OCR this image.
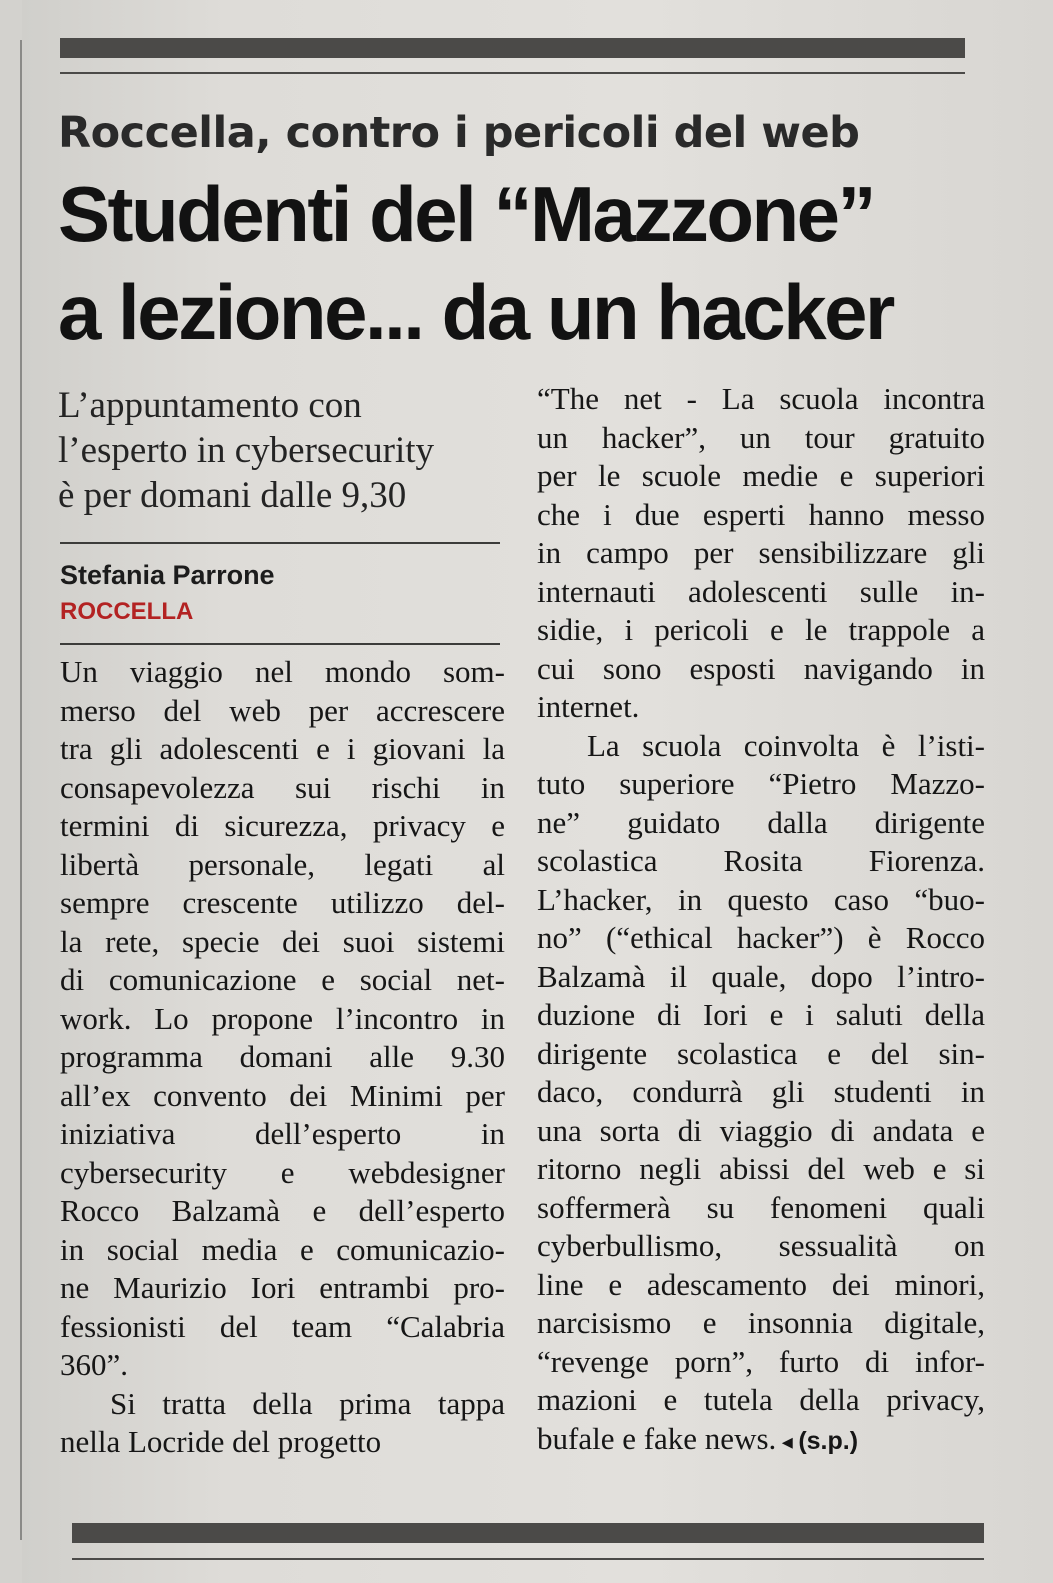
Roccella, contro i pericoli del web
Studenti del “Mazzone”
a lezione... da un hacker
L’appuntamento con
l’esperto in cybersecurity
è per domani dalle 9,30
Stefania Parrone
ROCCELLA
Un viaggio nel mondo som-
merso del web per accrescere
tra gli adolescenti e i giovani la
consapevolezza sui rischi in
termini di sicurezza, privacy e
libertà personale, legati al
sempre crescente utilizzo del-
la rete, specie dei suoi sistemi
di comunicazione e social net-
work. Lo propone l’incontro in
programma domani alle 9.30
all’ex convento dei Minimi per
iniziativa dell’esperto in
cybersecurity e webdesigner
Rocco Balzamà e dell’esperto
in social media e comunicazio-
ne Maurizio Iori entrambi pro-
fessionisti del team “Calabria
360”.
Si tratta della prima tappa
nella Locride del progetto
“The net - La scuola incontra
un hacker”, un tour gratuito
per le scuole medie e superiori
che i due esperti hanno messo
in campo per sensibilizzare gli
internauti adolescenti sulle in-
sidie, i pericoli e le trappole a
cui sono esposti navigando in
internet.
La scuola coinvolta è l’isti-
tuto superiore “Pietro Mazzo-
ne” guidato dalla dirigente
scolastica Rosita Fiorenza.
L’hacker, in questo caso “buo-
no” (“ethical hacker”) è Rocco
Balzamà il quale, dopo l’intro-
duzione di Iori e i saluti della
dirigente scolastica e del sin-
daco, condurrà gli studenti in
una sorta di viaggio di andata e
ritorno negli abissi del web e si
soffermerà su fenomeni quali
cyberbullismo, sessualità on
line e adescamento dei minori,
narcisismo e insonnia digitale,
“revenge porn”, furto di infor-
mazioni e tutela della privacy,
bufale e fake news. ◂ (s.p.)
